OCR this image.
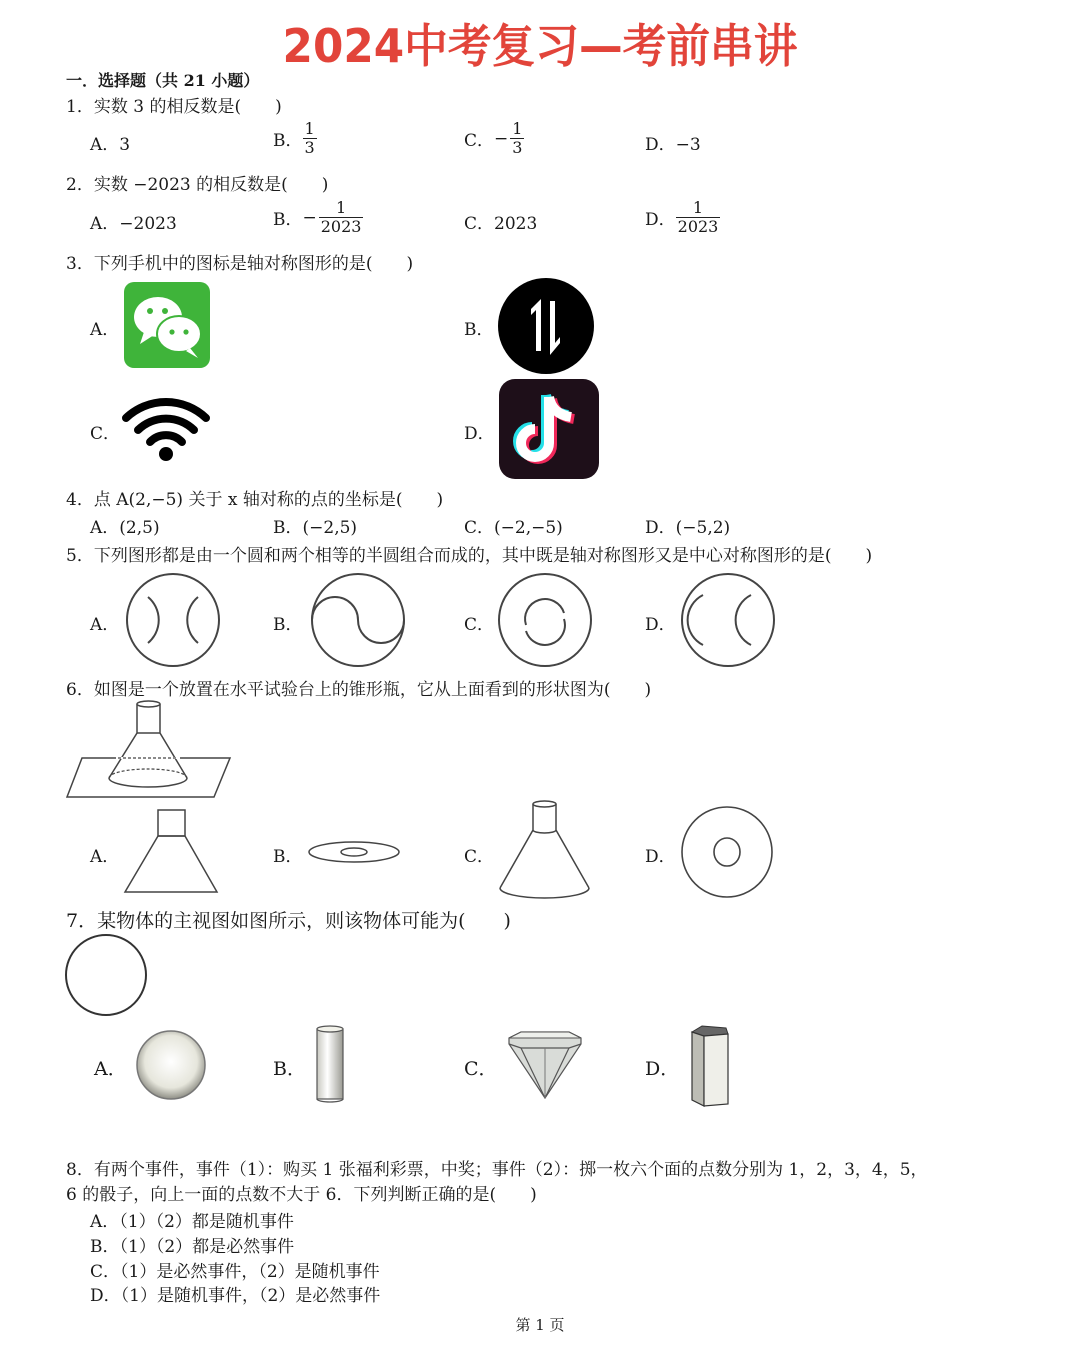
2024中考复习—考前串讲
一．选择题（共 21 小题）
1．实数 3 的相反数是(　　)
A．3	B． $\frac{1}{3}$	C．− $\frac{1}{3}$	D．−3
2．实数 −2023 的相反数是(　　)
A．−2023	B．− $\frac{1}{2023}$	C．2023	D． $\frac{1}{2023}$
3．下列手机中的图标是轴对称图形的是(　　)
A．	B．
C．	D．
4．点 A(2,−5) 关于 x 轴对称的点的坐标是(　　)
A．(2,5)	B．(−2,5)	C．(−2,−5)	D．(−5,2)
5．下列图形都是由一个圆和两个相等的半圆组合而成的，其中既是轴对称图形又是中心对称图形的是(　　)
A．	B．	C．	D．
6．如图是一个放置在水平试验台上的锥形瓶，它从上面看到的形状图为(　　)
A．	B．	C．	D．
7．某物体的主视图如图所示，则该物体可能为(　　)
A．	B．	C．	D．
8．有两个事件，事件（1）：购买 1 张福利彩票，中奖；事件（2）：掷一枚六个面的点数分别为 1，2，3，4，5，
6 的骰子，向上一面的点数不大于 6．下列判断正确的是(　　)
A．（1）（2）都是随机事件
B．（1）（2）都是必然事件
C．（1）是必然事件，（2）是随机事件
D．（1）是随机事件，（2）是必然事件
第 1 页
